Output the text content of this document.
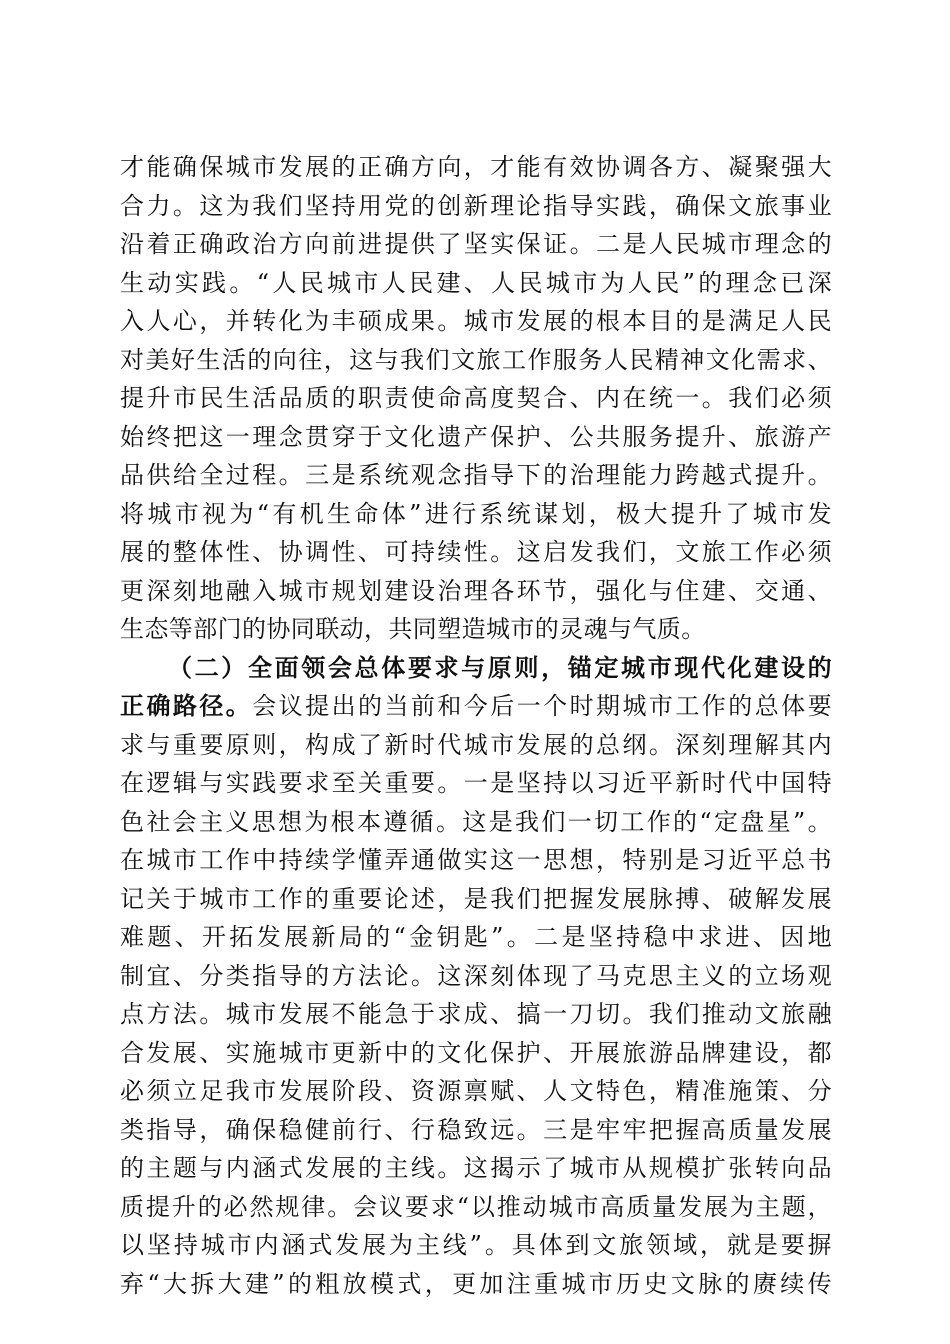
才能确保城市发展的正确方向，才能有效协调各方、凝聚强大
合力。这为我们坚持用党的创新理论指导实践，确保文旅事业
沿着正确政治方向前进提供了坚实保证。二是人民城市理念的
生动实践。“人民城市人民建、人民城市为人民”的理念已深
入人心，并转化为丰硕成果。城市发展的根本目的是满足人民
对美好生活的向往，这与我们文旅工作服务人民精神文化需求、
提升市民生活品质的职责使命高度契合、内在统一。我们必须
始终把这一理念贯穿于文化遗产保护、公共服务提升、旅游产
品供给全过程。三是系统观念指导下的治理能力跨越式提升。
将城市视为“有机生命体”进行系统谋划，极大提升了城市发
展的整体性、协调性、可持续性。这启发我们，文旅工作必须
更深刻地融入城市规划建设治理各环节，强化与住建、交通、
生态等部门的协同联动，共同塑造城市的灵魂与气质。
（二）全面领会总体要求与原则，锚定城市现代化建设的
正确路径。会议提出的当前和今后一个时期城市工作的总体要
求与重要原则，构成了新时代城市发展的总纲。深刻理解其内
在逻辑与实践要求至关重要。一是坚持以习近平新时代中国特
色社会主义思想为根本遵循。这是我们一切工作的“定盘星”。
在城市工作中持续学懂弄通做实这一思想，特别是习近平总书
记关于城市工作的重要论述，是我们把握发展脉搏、破解发展
难题、开拓发展新局的“金钥匙”。二是坚持稳中求进、因地
制宜、分类指导的方法论。这深刻体现了马克思主义的立场观
点方法。城市发展不能急于求成、搞一刀切。我们推动文旅融
合发展、实施城市更新中的文化保护、开展旅游品牌建设，都
必须立足我市发展阶段、资源禀赋、人文特色，精准施策、分
类指导，确保稳健前行、行稳致远。三是牢牢把握高质量发展
的主题与内涵式发展的主线。这揭示了城市从规模扩张转向品
质提升的必然规律。会议要求“以推动城市高质量发展为主题，
以坚持城市内涵式发展为主线”。具体到文旅领域，就是要摒
弃“大拆大建”的粗放模式，更加注重城市历史文脉的赓续传
